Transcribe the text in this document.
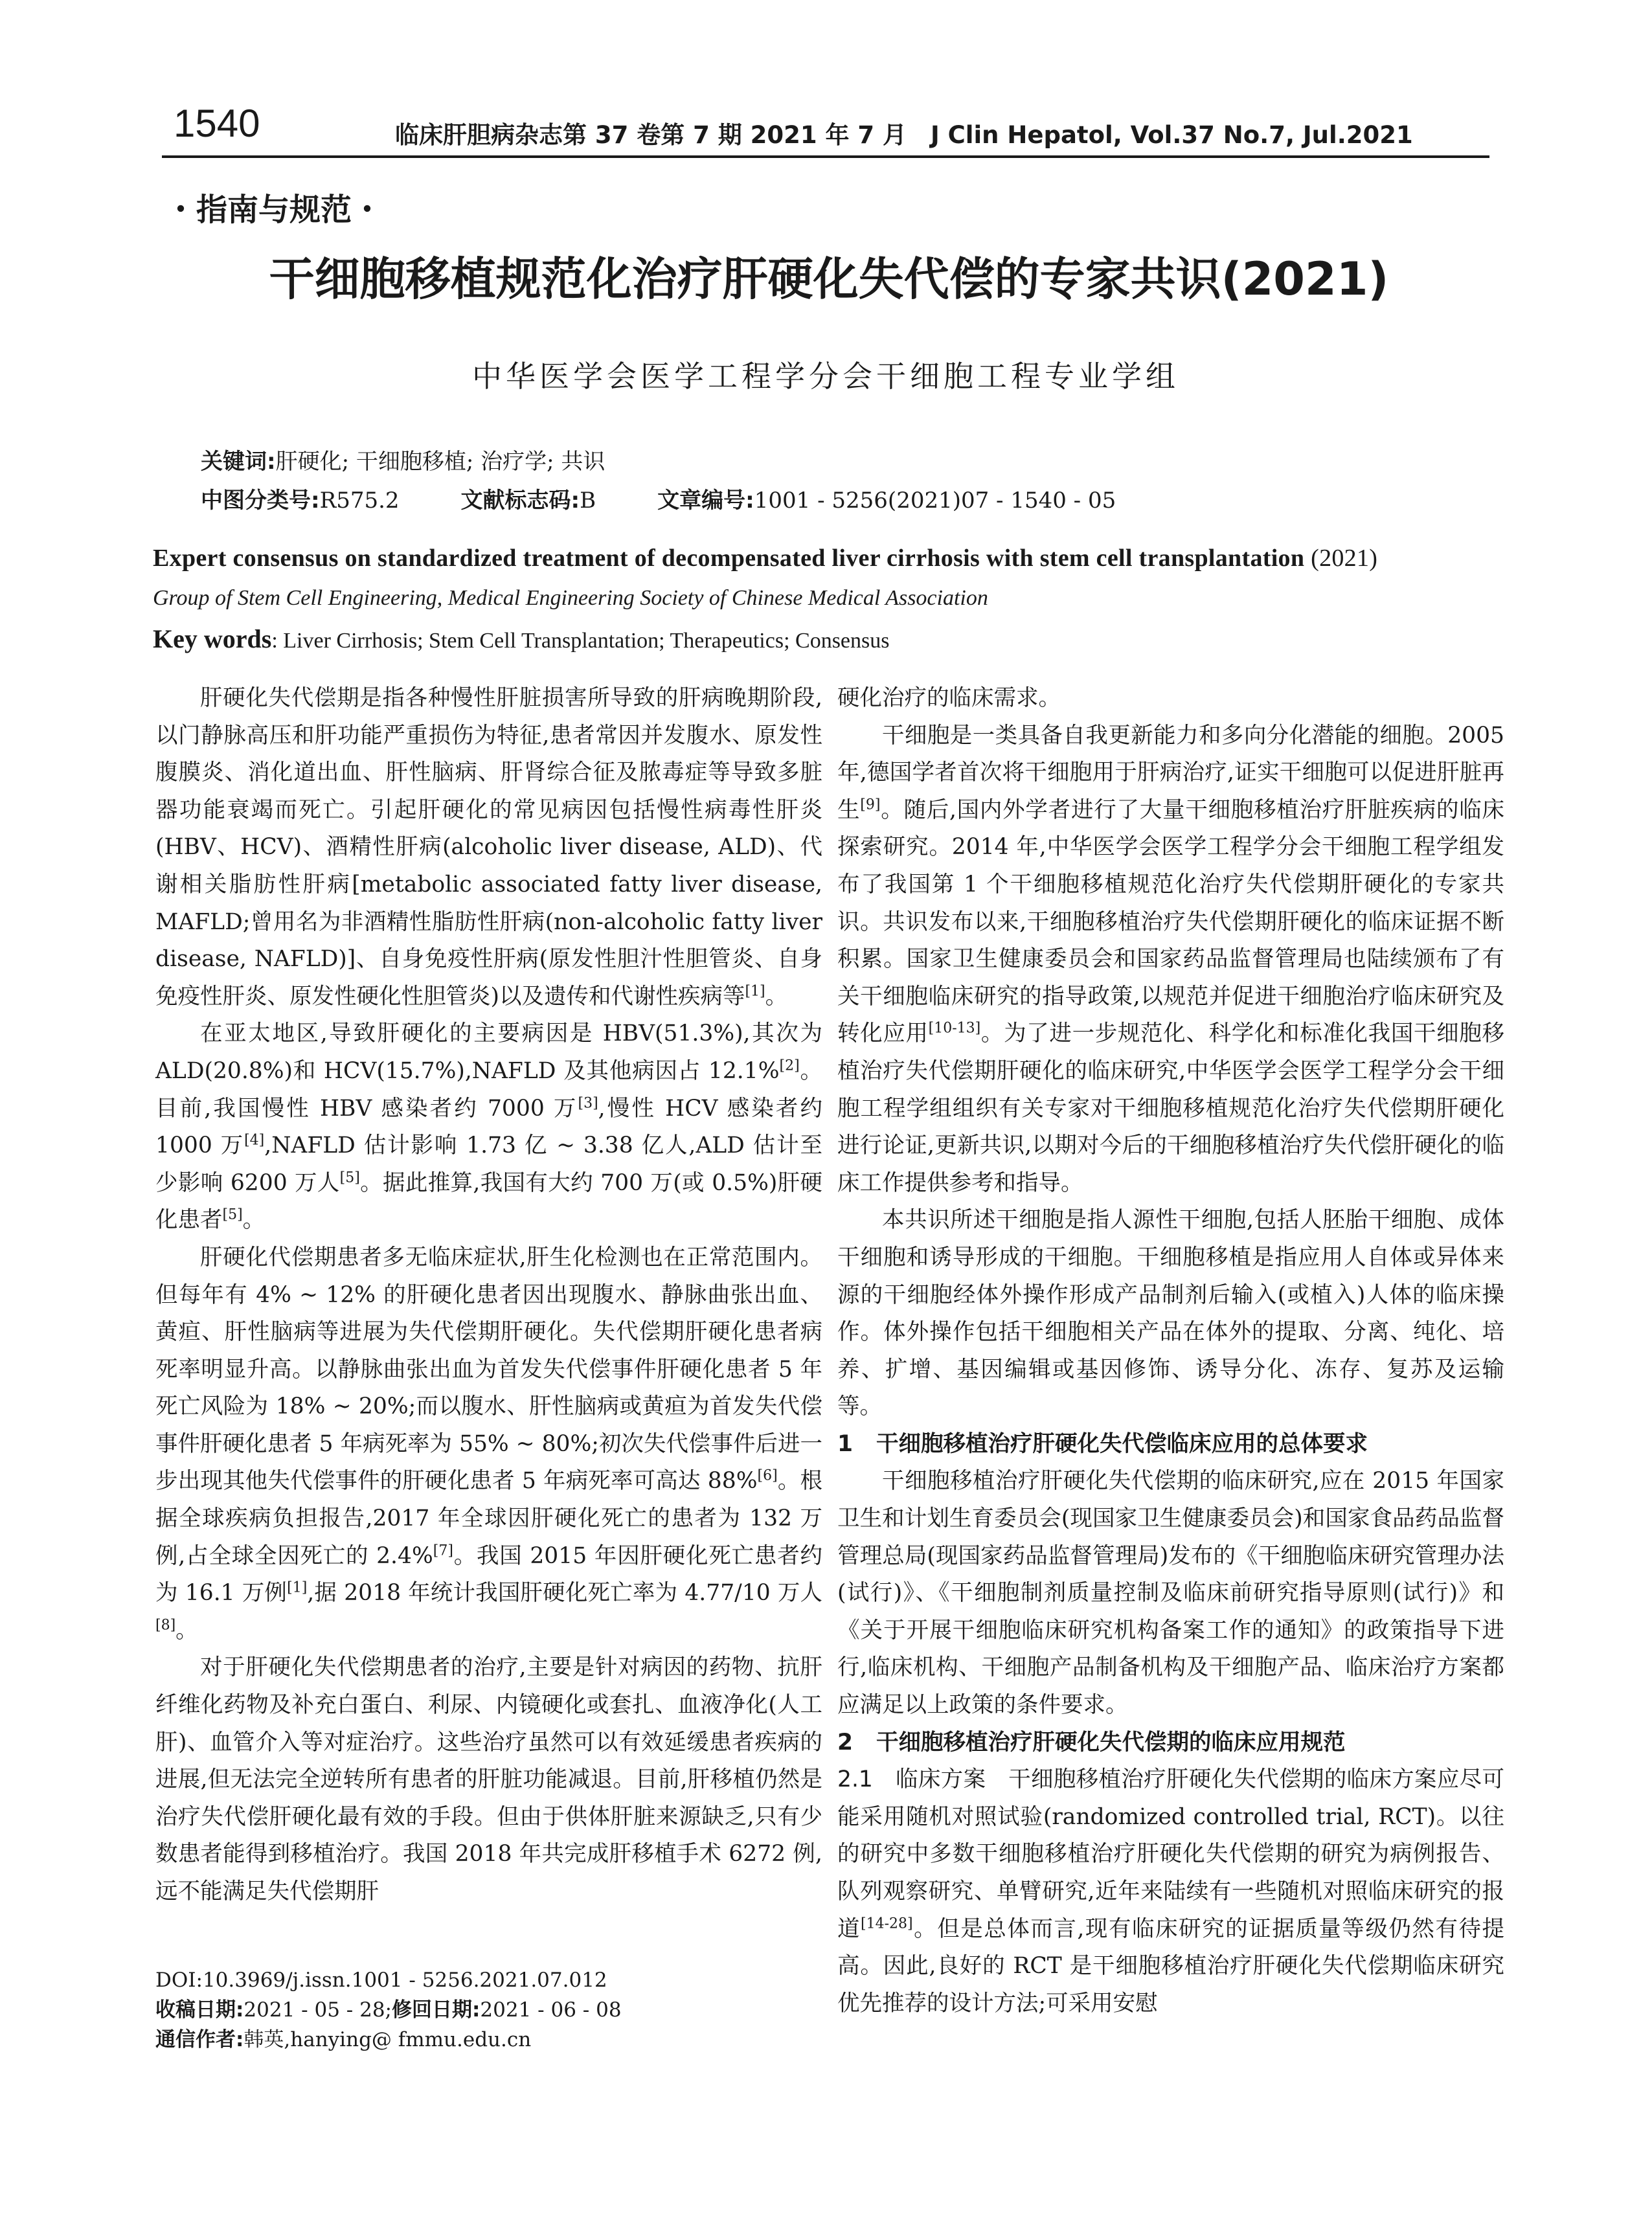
1540	临床肝胆病杂志第 37 卷第 7 期 2021 年 7 月　J Clin Hepatol, Vol.37 No.7, Jul.2021
・指南与规范・
干细胞移植规范化治疗肝硬化失代偿的专家共识(2021)
中华医学会医学工程学分会干细胞工程专业学组
关键词:肝硬化; 干细胞移植; 治疗学; 共识
中图分类号:R575.2	文献标志码:B	文章编号:1001 - 5256(2021)07 - 1540 - 05
Expert consensus on standardized treatment of decompensated liver cirrhosis with stem cell transplantation (2021)
Group of Stem Cell Engineering, Medical Engineering Society of Chinese Medical Association
Key words: Liver Cirrhosis; Stem Cell Transplantation; Therapeutics; Consensus

肝硬化失代偿期是指各种慢性肝脏损害所导致的肝病晚期阶段,以门静脉高压和肝功能严重损伤为特征,患者常因并发腹水、原发性腹膜炎、消化道出血、肝性脑病、肝肾综合征及脓毒症等导致多脏器功能衰竭而死亡。引起肝硬化的常见病因包括慢性病毒性肝炎(HBV、HCV)、酒精性肝病(alcoholic liver disease, ALD)、代谢相关脂肪性肝病[metabolic associated fatty liver disease, MAFLD;曾用名为非酒精性脂肪性肝病(non-alcoholic fatty liver disease, NAFLD)]、自身免疫性肝病(原发性胆汁性胆管炎、自身免疫性肝炎、原发性硬化性胆管炎)以及遗传和代谢性疾病等[1]。

在亚太地区,导致肝硬化的主要病因是 HBV(51.3%),其次为 ALD(20.8%)和 HCV(15.7%),NAFLD 及其他病因占 12.1%[2]。目前,我国慢性 HBV 感染者约 7000 万[3],慢性 HCV 感染者约 1000 万[4],NAFLD 估计影响 1.73 亿 ~ 3.38 亿人,ALD 估计至少影响 6200 万人[5]。据此推算,我国有大约 700 万(或 0.5%)肝硬化患者[5]。

肝硬化代偿期患者多无临床症状,肝生化检测也在正常范围内。但每年有 4% ~ 12% 的肝硬化患者因出现腹水、静脉曲张出血、黄疸、肝性脑病等进展为失代偿期肝硬化。失代偿期肝硬化患者病死率明显升高。以静脉曲张出血为首发失代偿事件肝硬化患者 5 年死亡风险为 18% ~ 20%;而以腹水、肝性脑病或黄疸为首发失代偿事件肝硬化患者 5 年病死率为 55% ~ 80%;初次失代偿事件后进一步出现其他失代偿事件的肝硬化患者 5 年病死率可高达 88%[6]。根据全球疾病负担报告,2017 年全球因肝硬化死亡的患者为 132 万例,占全球全因死亡的 2.4%[7]。我国 2015 年因肝硬化死亡患者约为 16.1 万例[1],据 2018 年统计我国肝硬化死亡率为 4.77/10 万人[8]。

对于肝硬化失代偿期患者的治疗,主要是针对病因的药物、抗肝纤维化药物及补充白蛋白、利尿、内镜硬化或套扎、血液净化(人工肝)、血管介入等对症治疗。这些治疗虽然可以有效延缓患者疾病的进展,但无法完全逆转所有患者的肝脏功能减退。目前,肝移植仍然是治疗失代偿肝硬化最有效的手段。但由于供体肝脏来源缺乏,只有少数患者能得到移植治疗。我国 2018 年共完成肝移植手术 6272 例,远不能满足失代偿期肝

DOI:10.3969/j.issn.1001 - 5256.2021.07.012
收稿日期:2021 - 05 - 28;修回日期:2021 - 06 - 08
通信作者:韩英,hanying@ fmmu.edu.cn

硬化治疗的临床需求。

干细胞是一类具备自我更新能力和多向分化潜能的细胞。2005 年,德国学者首次将干细胞用于肝病治疗,证实干细胞可以促进肝脏再生[9]。随后,国内外学者进行了大量干细胞移植治疗肝脏疾病的临床探索研究。2014 年,中华医学会医学工程学分会干细胞工程学组发布了我国第 1 个干细胞移植规范化治疗失代偿期肝硬化的专家共识。共识发布以来,干细胞移植治疗失代偿期肝硬化的临床证据不断积累。国家卫生健康委员会和国家药品监督管理局也陆续颁布了有关干细胞临床研究的指导政策,以规范并促进干细胞治疗临床研究及转化应用[10-13]。为了进一步规范化、科学化和标准化我国干细胞移植治疗失代偿期肝硬化的临床研究,中华医学会医学工程学分会干细胞工程学组组织有关专家对干细胞移植规范化治疗失代偿期肝硬化进行论证,更新共识,以期对今后的干细胞移植治疗失代偿肝硬化的临床工作提供参考和指导。

本共识所述干细胞是指人源性干细胞,包括人胚胎干细胞、成体干细胞和诱导形成的干细胞。干细胞移植是指应用人自体或异体来源的干细胞经体外操作形成产品制剂后输入(或植入)人体的临床操作。体外操作包括干细胞相关产品在体外的提取、分离、纯化、培养、扩增、基因编辑或基因修饰、诱导分化、冻存、复苏及运输等。

1 干细胞移植治疗肝硬化失代偿临床应用的总体要求

干细胞移植治疗肝硬化失代偿期的临床研究,应在 2015 年国家卫生和计划生育委员会(现国家卫生健康委员会)和国家食品药品监督管理总局(现国家药品监督管理局)发布的《干细胞临床研究管理办法(试行)》、《干细胞制剂质量控制及临床前研究指导原则(试行)》和《关于开展干细胞临床研究机构备案工作的通知》的政策指导下进行,临床机构、干细胞产品制备机构及干细胞产品、临床治疗方案都应满足以上政策的条件要求。

2 干细胞移植治疗肝硬化失代偿期的临床应用规范

2.1　 临床方案　 干细胞移植治疗肝硬化失代偿期的临床方案应尽可能采用随机对照试验(randomized controlled trial, RCT)。以往的研究中多数干细胞移植治疗肝硬化失代偿期的研究为病例报告、队列观察研究、单臂研究,近年来陆续有一些随机对照临床研究的报道[14-28]。但是总体而言,现有临床研究的证据质量等级仍然有待提高。因此,良好的 RCT 是干细胞移植治疗肝硬化失代偿期临床研究优先推荐的设计方法;可采用安慰
